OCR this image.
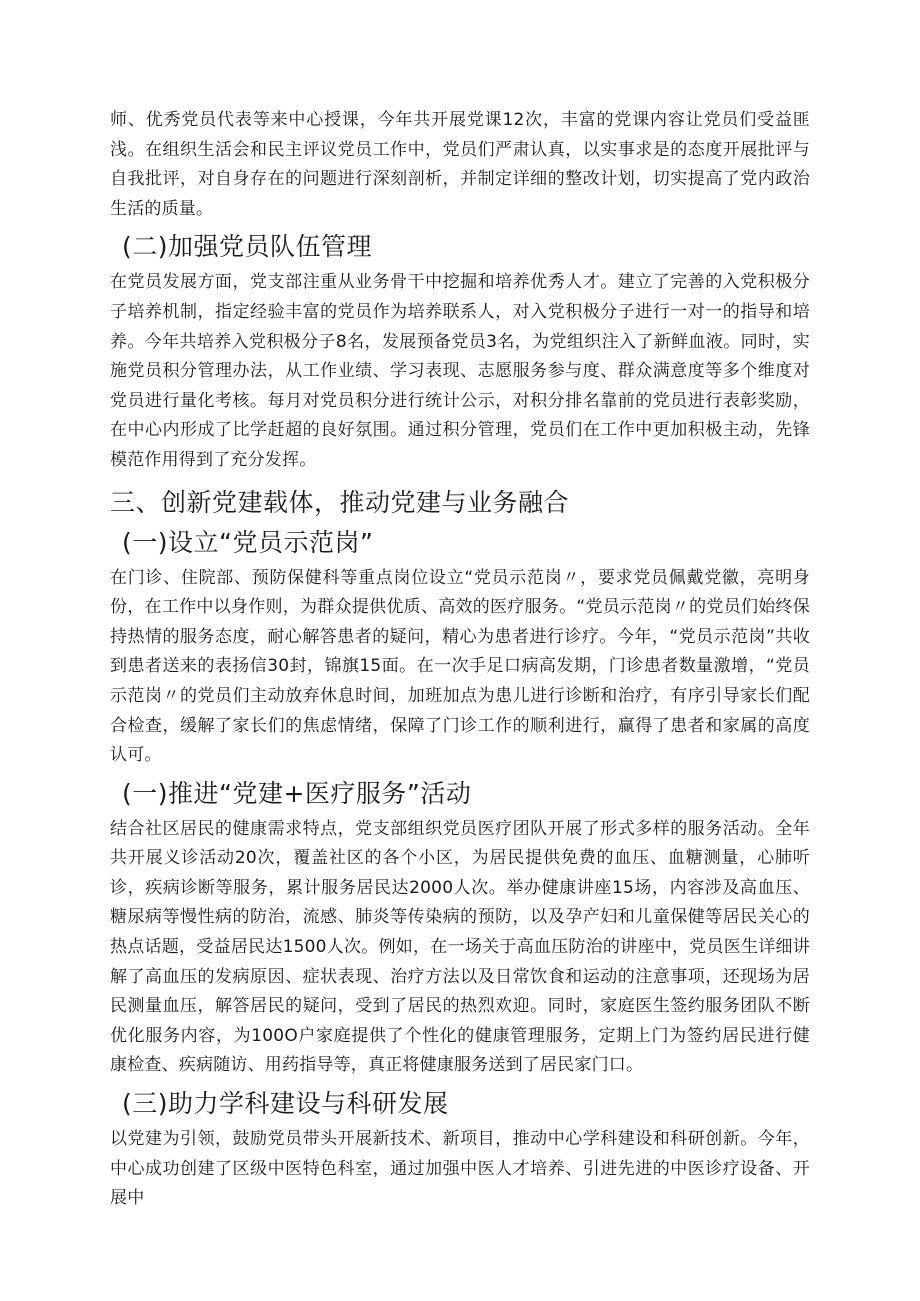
师、优秀党员代表等来中心授课，今年共开展党课12次，丰富的党课内容让党员们受益匪浅。在组织生活会和民主评议党员工作中，党员们严肃认真，以实事求是的态度开展批评与自我批评，对自身存在的问题进行深刻剖析，并制定详细的整改计划，切实提高了党内政治生活的质量。

(二)加强党员队伍管理

在党员发展方面，党支部注重从业务骨干中挖掘和培养优秀人才。建立了完善的入党积极分子培养机制，指定经验丰富的党员作为培养联系人，对入党积极分子进行一对一的指导和培养。今年共培养入党积极分子8名，发展预备党员3名，为党组织注入了新鲜血液。同时，实施党员积分管理办法，从工作业绩、学习表现、志愿服务参与度、群众满意度等多个维度对党员进行量化考核。每月对党员积分进行统计公示，对积分排名靠前的党员进行表彰奖励，在中心内形成了比学赶超的良好氛围。通过积分管理，党员们在工作中更加积极主动，先锋模范作用得到了充分发挥。

三、创新党建载体，推动党建与业务融合
(一)设立“党员示范岗”

在门诊、住院部、预防保健科等重点岗位设立“党员示范岗〃，要求党员佩戴党徽，亮明身份，在工作中以身作则，为群众提供优质、高效的医疗服务。“党员示范岗〃的党员们始终保持热情的服务态度，耐心解答患者的疑问，精心为患者进行诊疗。今年，“党员示范岗”共收到患者送来的表扬信30封，锦旗15面。在一次手足口病高发期，门诊患者数量激增，“党员示范岗〃的党员们主动放弃休息时间，加班加点为患儿进行诊断和治疗，有序引导家长们配合检查，缓解了家长们的焦虑情绪，保障了门诊工作的顺利进行，赢得了患者和家属的高度认可。

(一)推进“党建+医疗服务”活动

结合社区居民的健康需求特点，党支部组织党员医疗团队开展了形式多样的服务活动。全年共开展义诊活动20次，覆盖社区的各个小区，为居民提供免费的血压、血糖测量，心肺听诊，疾病诊断等服务，累计服务居民达2000人次。举办健康讲座15场，内容涉及高血压、糖尿病等慢性病的防治，流感、肺炎等传染病的预防，以及孕产妇和儿童保健等居民关心的热点话题，受益居民达1500人次。例如，在一场关于高血压防治的讲座中，党员医生详细讲解了高血压的发病原因、症状表现、治疗方法以及日常饮食和运动的注意事项，还现场为居民测量血压，解答居民的疑问，受到了居民的热烈欢迎。同时，家庭医生签约服务团队不断优化服务内容，为100O户家庭提供了个性化的健康管理服务，定期上门为签约居民进行健康检查、疾病随访、用药指导等，真正将健康服务送到了居民家门口。

(三)助力学科建设与科研发展

以党建为引领，鼓励党员带头开展新技术、新项目，推动中心学科建设和科研创新。今年，中心成功创建了区级中医特色科室，通过加强中医人才培养、引进先进的中医诊疗设备、开展中
